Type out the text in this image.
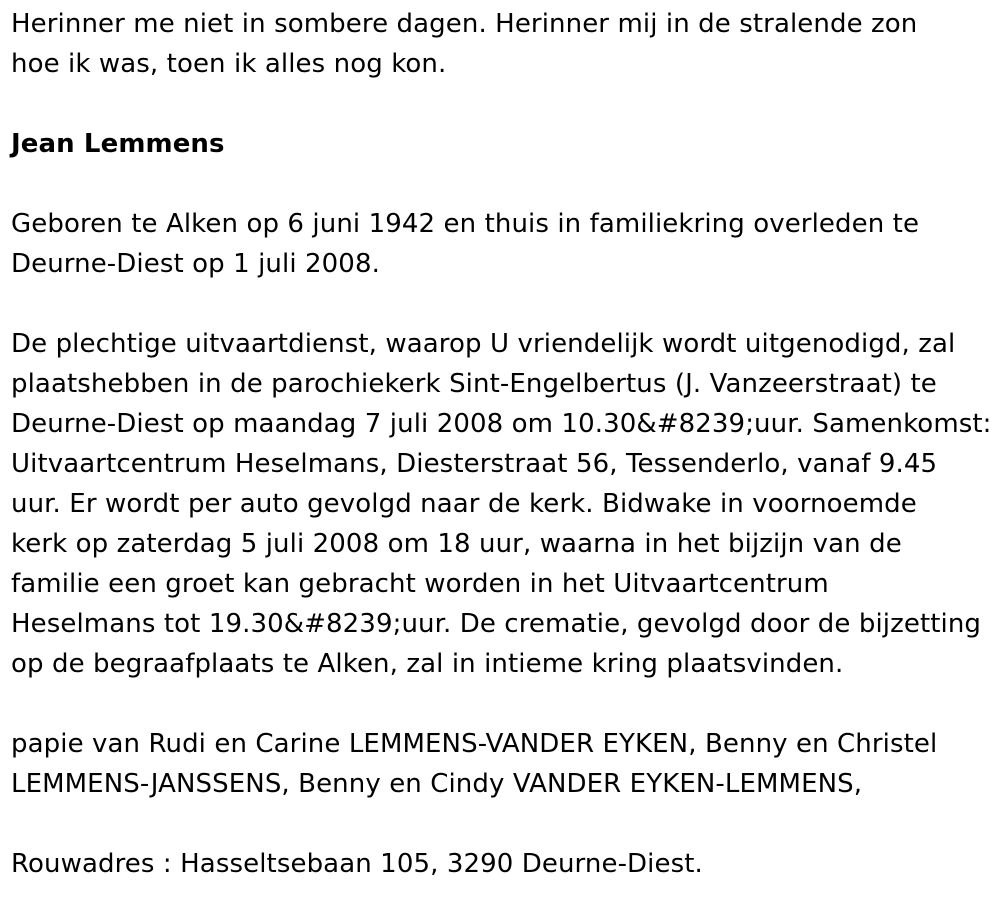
Herinner me niet in sombere dagen. Herinner mij in de stralende zon
hoe ik was, toen ik alles nog kon.

Jean Lemmens

Geboren te Alken op 6 juni 1942 en thuis in familiekring overleden te
Deurne-Diest op 1 juli 2008.

De plechtige uitvaartdienst, waarop U vriendelijk wordt uitgenodigd, zal
plaatshebben in de parochiekerk Sint-Engelbertus (J. Vanzeerstraat) te
Deurne-Diest op maandag 7 juli 2008 om 10.30&#8239;uur. Samenkomst:
Uitvaartcentrum Heselmans, Diesterstraat 56, Tessenderlo, vanaf 9.45
uur. Er wordt per auto gevolgd naar de kerk. Bidwake in voornoemde
kerk op zaterdag 5 juli 2008 om 18 uur, waarna in het bijzijn van de
familie een groet kan gebracht worden in het Uitvaartcentrum
Heselmans tot 19.30&#8239;uur. De crematie, gevolgd door de bijzetting
op de begraafplaats te Alken, zal in intieme kring plaatsvinden.

papie van Rudi en Carine LEMMENS-VANDER EYKEN, Benny en Christel
LEMMENS-JANSSENS, Benny en Cindy VANDER EYKEN-LEMMENS,

Rouwadres : Hasseltsebaan 105, 3290 Deurne-Diest.
